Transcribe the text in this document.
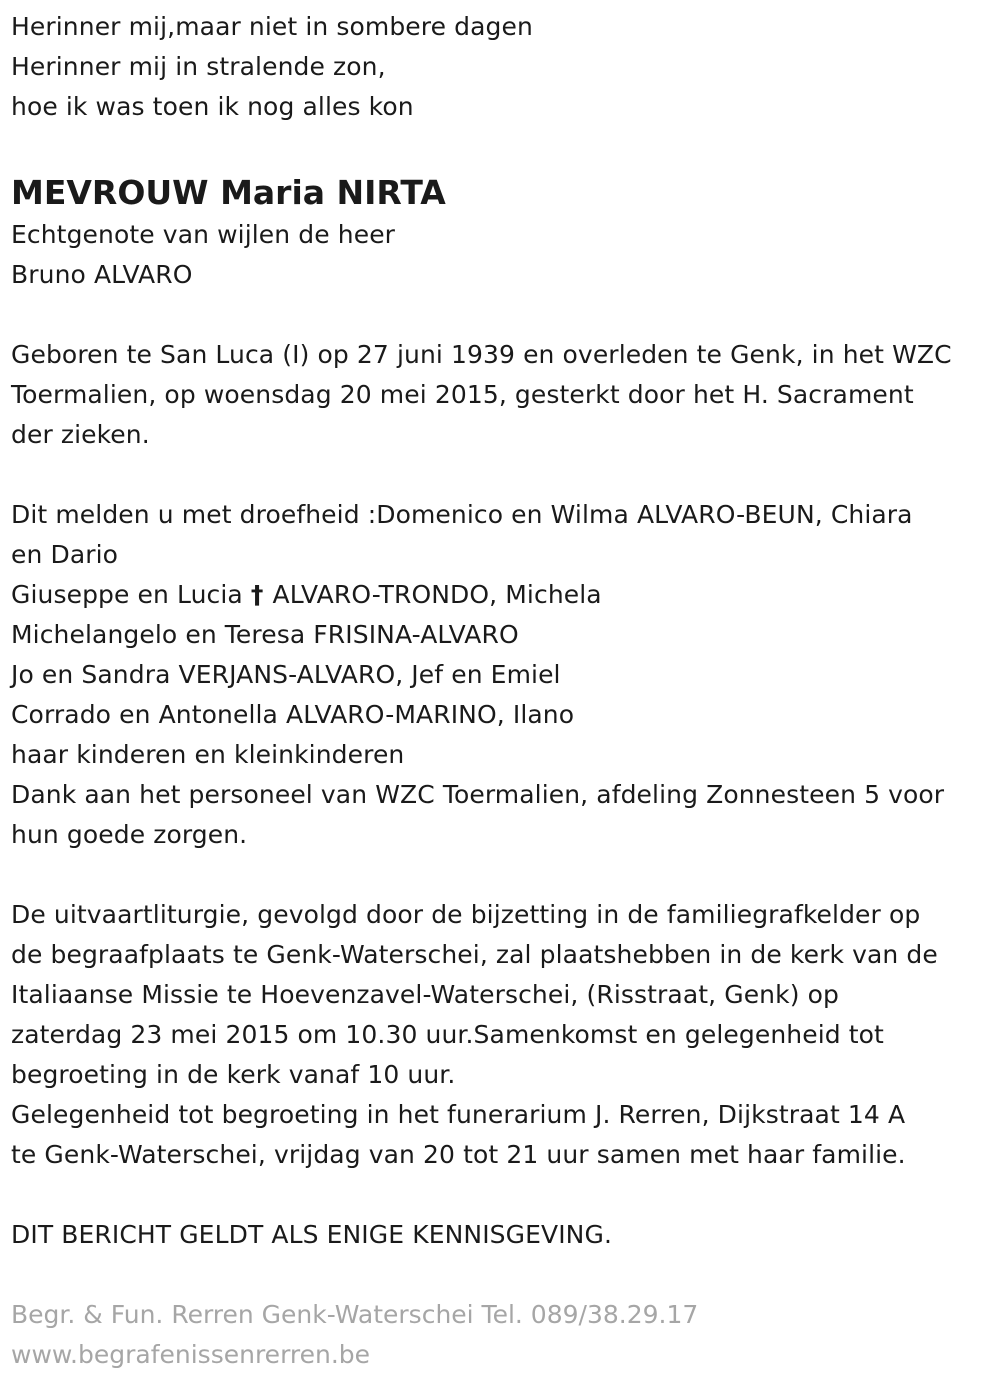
Herinner mij,maar niet in sombere dagen
Herinner mij in stralende zon,
hoe ik was toen ik nog alles kon
MEVROUW Maria NIRTA
Echtgenote van wijlen de heer
Bruno ALVARO
Geboren te San Luca (I) op 27 juni 1939 en overleden te Genk, in het WZC
Toermalien, op woensdag 20 mei 2015, gesterkt door het H. Sacrament
der zieken.
Dit melden u met droefheid :Domenico en Wilma ALVARO-BEUN, Chiara
en Dario
Giuseppe en Lucia † ALVARO-TRONDO, Michela
Michelangelo en Teresa FRISINA-ALVARO
Jo en Sandra VERJANS-ALVARO, Jef en Emiel
Corrado en Antonella ALVARO-MARINO, Ilano
haar kinderen en kleinkinderen
Dank aan het personeel van WZC Toermalien, afdeling Zonnesteen 5 voor
hun goede zorgen.
De uitvaartliturgie, gevolgd door de bijzetting in de familiegrafkelder op
de begraafplaats te Genk-Waterschei, zal plaatshebben in de kerk van de
Italiaanse Missie te Hoevenzavel-Waterschei, (Risstraat, Genk) op
zaterdag 23 mei 2015 om 10.30 uur.Samenkomst en gelegenheid tot
begroeting in de kerk vanaf 10 uur.
Gelegenheid tot begroeting in het funerarium J. Rerren, Dijkstraat 14 A
te Genk-Waterschei, vrijdag van 20 tot 21 uur samen met haar familie.
DIT BERICHT GELDT ALS ENIGE KENNISGEVING.
Begr. & Fun. Rerren Genk-Waterschei Tel. 089/38.29.17
www.begrafenissenrerren.be
